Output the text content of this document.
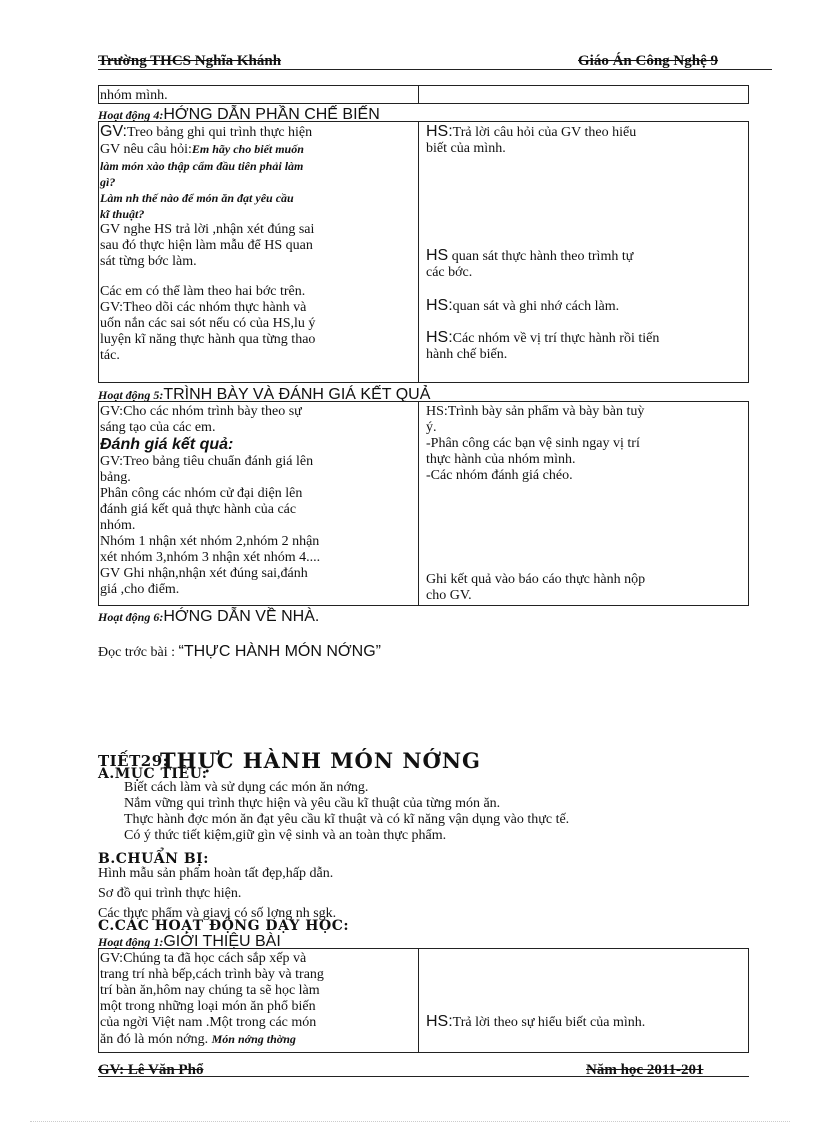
Trường THCS Nghĩa Khánh	Giáo Án Công Nghệ 9
nhóm mình.
Hoạt động 4:HỚNG DẪN PHẦN CHẾ BIẾN

GV:Treo bảng ghi qui trình thực hiện

GV nêu câu hỏi:Em hãy cho biết muốn

làm món xào thập cẩm đầu tiên phải làm

gì?

Làm nh thế nào để món ăn đạt yêu cầu

kĩ thuật?

GV nghe HS trả lời ,nhận xét đúng sai

sau đó thực hiện làm mẫu để HS quan

sát từng bớc làm.

Các em có thể làm theo hai bớc trên.

GV:Theo dõi các nhóm thực hành và

uốn nắn các sai sót nếu có của HS,lu ý

luyện kĩ năng thực hành qua từng thao

tác.

HS:Trả lời câu hỏi của GV theo hiểu

biết của mình.

HS quan sát thực hành theo trìmh tự

các bớc.

HS:quan sát và ghi nhớ cách làm.

HS:Các nhóm về vị trí thực hành rồi tiến

hành chế biến.

Hoạt động 5:TRÌNH BÀY VÀ ĐÁNH GIÁ KẾT QUẢ

GV:Cho các nhóm trình bày theo sự

sáng tạo của các em.

Đánh giá kết quả:

GV:Treo bảng tiêu chuẩn đánh giá lên

bảng.

Phân công các nhóm cử đại diện lên

đánh giá kết quả thực hành của các

nhóm.

Nhóm 1 nhận xét nhóm 2,nhóm 2 nhận

xét nhóm 3,nhóm 3 nhận xét nhóm 4....

GV Ghi nhận,nhận xét đúng sai,đánh

giá ,cho điểm.

HS:Trình bày sản phẩm và bày bàn tuỳ

ý.

-Phân công các bạn vệ sinh ngay vị trí

thực hành của nhóm mình.

-Các nhóm đánh giá chéo.

Ghi kết quả vào báo cáo thực hành nộp

cho GV.

Hoạt động 6:HỚNG DẪN VỀ NHÀ.
Đọc trớc bài : “THỰC HÀNH MÓN NỚNG”
TIẾT29:
THỰC HÀNH MÓN NỚNG
A.MỤC TIÊU:

Biết cách làm và sử dụng các món ăn nớng.

Nắm vững qui trình thực hiện và yêu cầu kĩ thuật của từng món ăn.

Thực hành đợc món ăn đạt yêu cầu kĩ thuật và có kĩ năng vận dụng vào thực tế.

Có ý thức tiết kiệm,giữ gìn vệ sinh và an toàn thực phẩm.

B.CHUẨN BỊ:

Hình mẫu sản phẩm hoàn tất đẹp,hấp dẫn.

Sơ đồ qui trình thực hiện.

Các thực phẩm và giavị có số lợng nh sgk.

C.CÁC HOẠT ĐỘNG DẠY HỌC:
Hoạt động 1:GIỚI THIỆU BÀI

GV:Chúng ta đã học cách sắp xếp và

trang trí nhà bếp,cách trình bày và trang

trí bàn ăn,hôm nay chúng ta sẽ học làm

một trong những loại món ăn phổ biến

của ngời Việt nam .Một trong các món

ăn đó là món nớng. Món nớng thờng

HS:Trả lời theo sự hiểu biết của mình.

GV: Lê Văn Phổ	Năm học 2011-201
